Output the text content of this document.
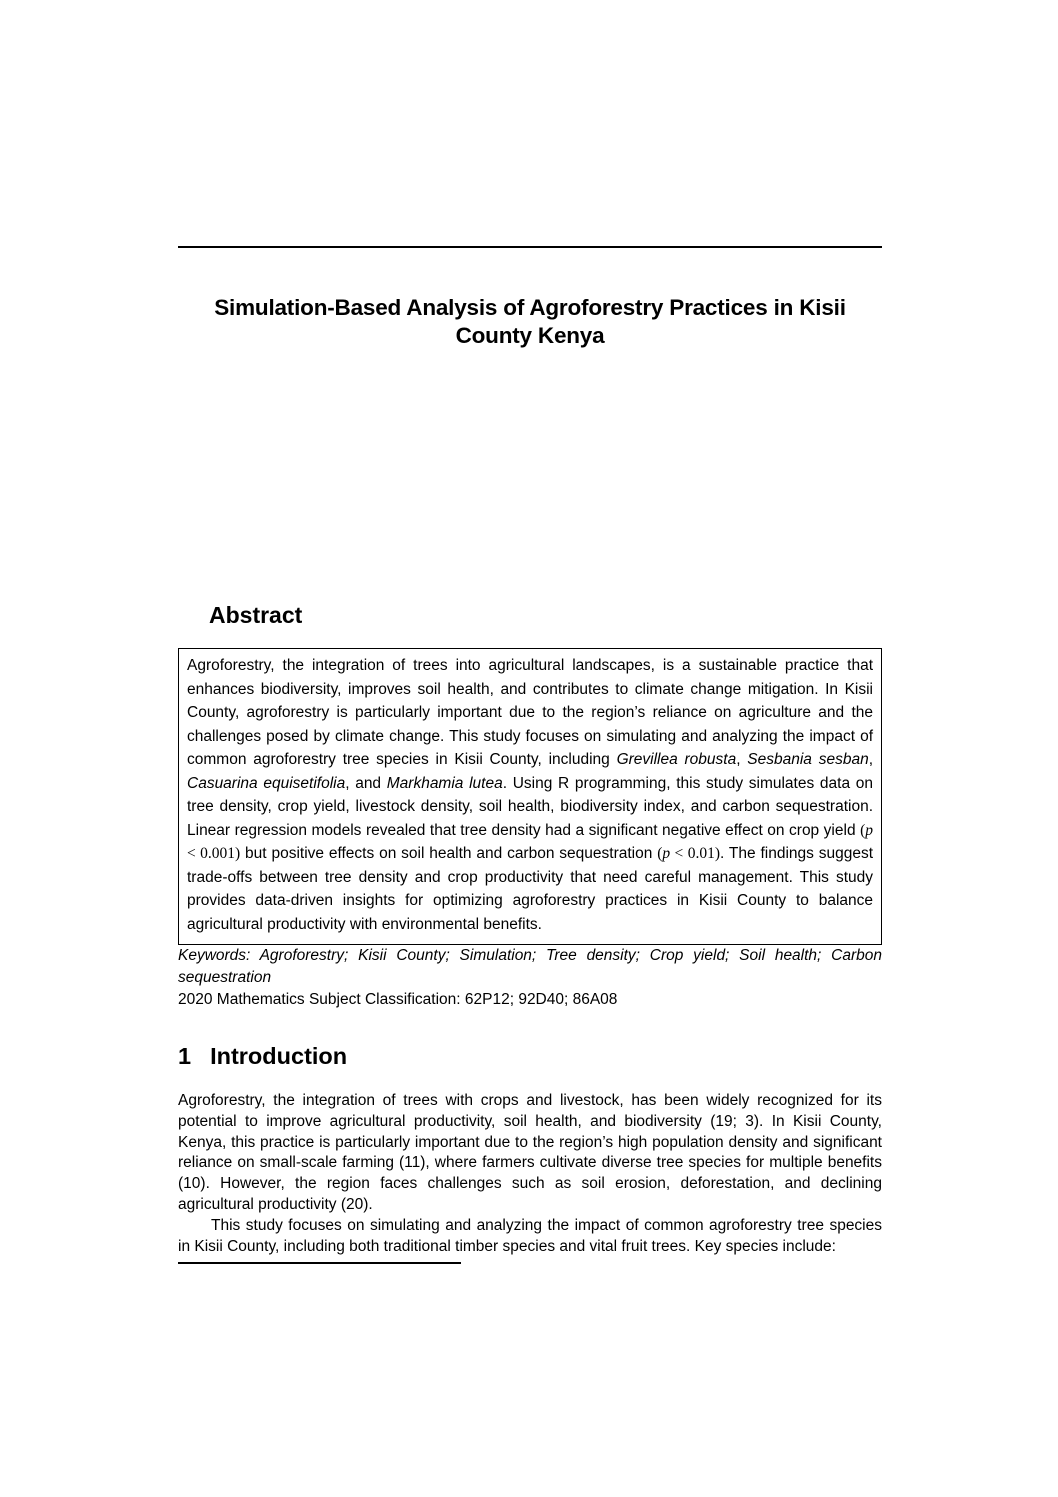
Simulation-Based Analysis of Agroforestry Practices in Kisii County Kenya
Abstract

Agroforestry, the integration of trees into agricultural landscapes, is a sustainable practice that enhances biodiversity, improves soil health, and contributes to climate change mitigation. In Kisii County, agroforestry is particularly important due to the region’s reliance on agriculture and the challenges posed by climate change. This study focuses on simulating and analyzing the impact of common agroforestry tree species in Kisii County, including Grevillea robusta, Sesbania sesban, Casuarina equisetifolia, and Markhamia lutea. Using R programming, this study simulates data on tree density, crop yield, livestock density, soil health, biodiversity index, and carbon sequestration. Linear regression models revealed that tree density had a significant negative effect on crop yield (p < 0.001) but positive effects on soil health and carbon sequestration (p < 0.01). The findings suggest trade-offs between tree density and crop productivity that need careful management. This study provides data-driven insights for optimizing agroforestry practices in Kisii County to balance agricultural productivity with environmental benefits.

Keywords: Agroforestry; Kisii County; Simulation; Tree density; Crop yield; Soil health; Carbon sequestration

2020 Mathematics Subject Classification: 62P12; 92D40; 86A08

1 Introduction

Agroforestry, the integration of trees with crops and livestock, has been widely recognized for its potential to improve agricultural productivity, soil health, and biodiversity (19; 3). In Kisii County, Kenya, this practice is particularly important due to the region’s high population density and significant reliance on small-scale farming (11), where farmers cultivate diverse tree species for multiple benefits (10). However, the region faces challenges such as soil erosion, deforestation, and declining agricultural productivity (20).

This study focuses on simulating and analyzing the impact of common agroforestry tree species in Kisii County, including both traditional timber species and vital fruit trees. Key species include:
